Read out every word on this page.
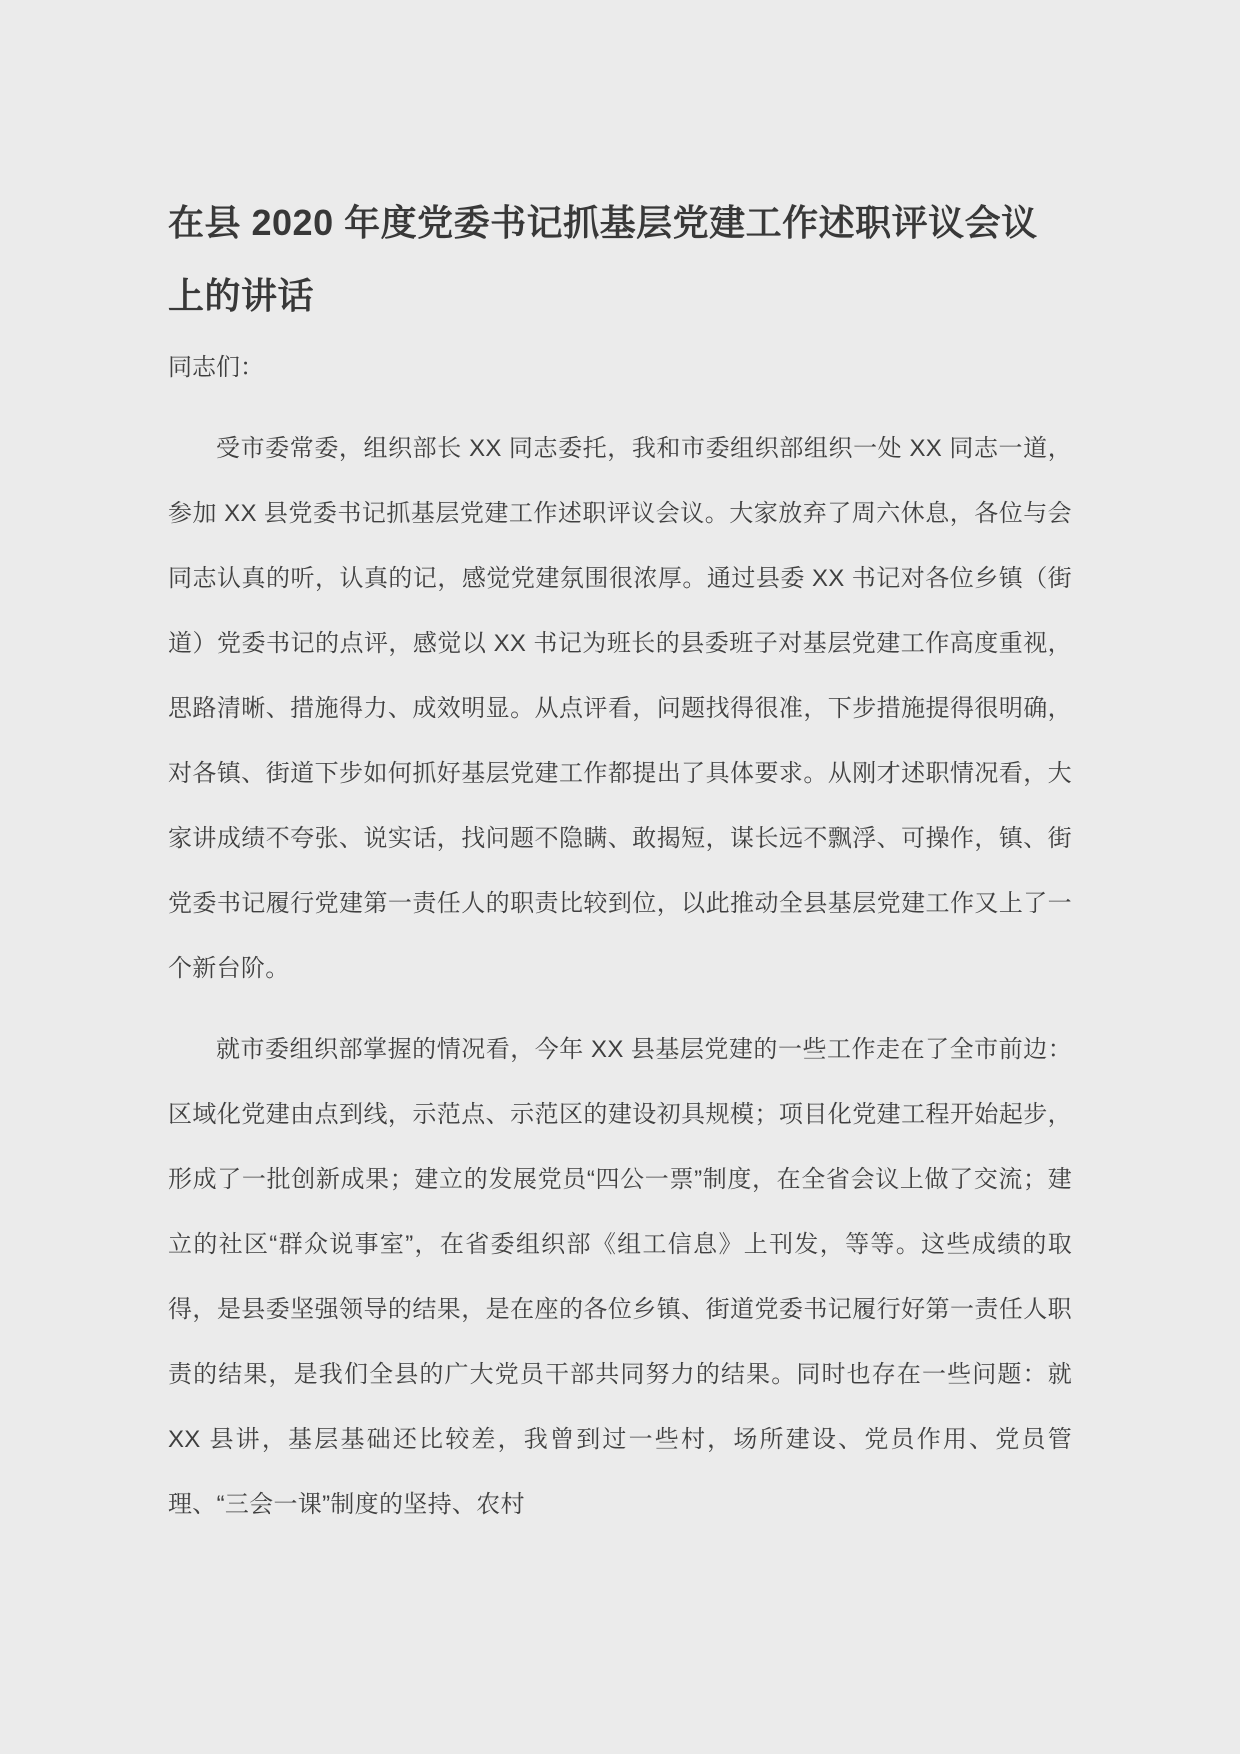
在县 2020 年度党委书记抓基层党建工作述职评议会议上的讲话

同志们：

受市委常委，组织部长 XX 同志委托，我和市委组织部组织一处 XX 同志一道，参加 XX 县党委书记抓基层党建工作述职评议会议。大家放弃了周六休息，各位与会同志认真的听，认真的记，感觉党建氛围很浓厚。通过县委 XX 书记对各位乡镇（街道）党委书记的点评，感觉以 XX 书记为班长的县委班子对基层党建工作高度重视，思路清晰、措施得力、成效明显。从点评看，问题找得很准，下步措施提得很明确，对各镇、街道下步如何抓好基层党建工作都提出了具体要求。从刚才述职情况看，大家讲成绩不夸张、说实话，找问题不隐瞒、敢揭短，谋长远不飘浮、可操作，镇、街党委书记履行党建第一责任人的职责比较到位，以此推动全县基层党建工作又上了一个新台阶。

就市委组织部掌握的情况看，今年 XX 县基层党建的一些工作走在了全市前边：区域化党建由点到线，示范点、示范区的建设初具规模；项目化党建工程开始起步，形成了一批创新成果；建立的发展党员“四公一票”制度，在全省会议上做了交流；建立的社区“群众说事室”，在省委组织部《组工信息》上刊发，等等。这些成绩的取得，是县委坚强领导的结果，是在座的各位乡镇、街道党委书记履行好第一责任人职责的结果，是我们全县的广大党员干部共同努力的结果。同时也存在一些问题：就 XX 县讲，基层基础还比较差，我曾到过一些村，场所建设、党员作用、党员管理、“三会一课”制度的坚持、农村
